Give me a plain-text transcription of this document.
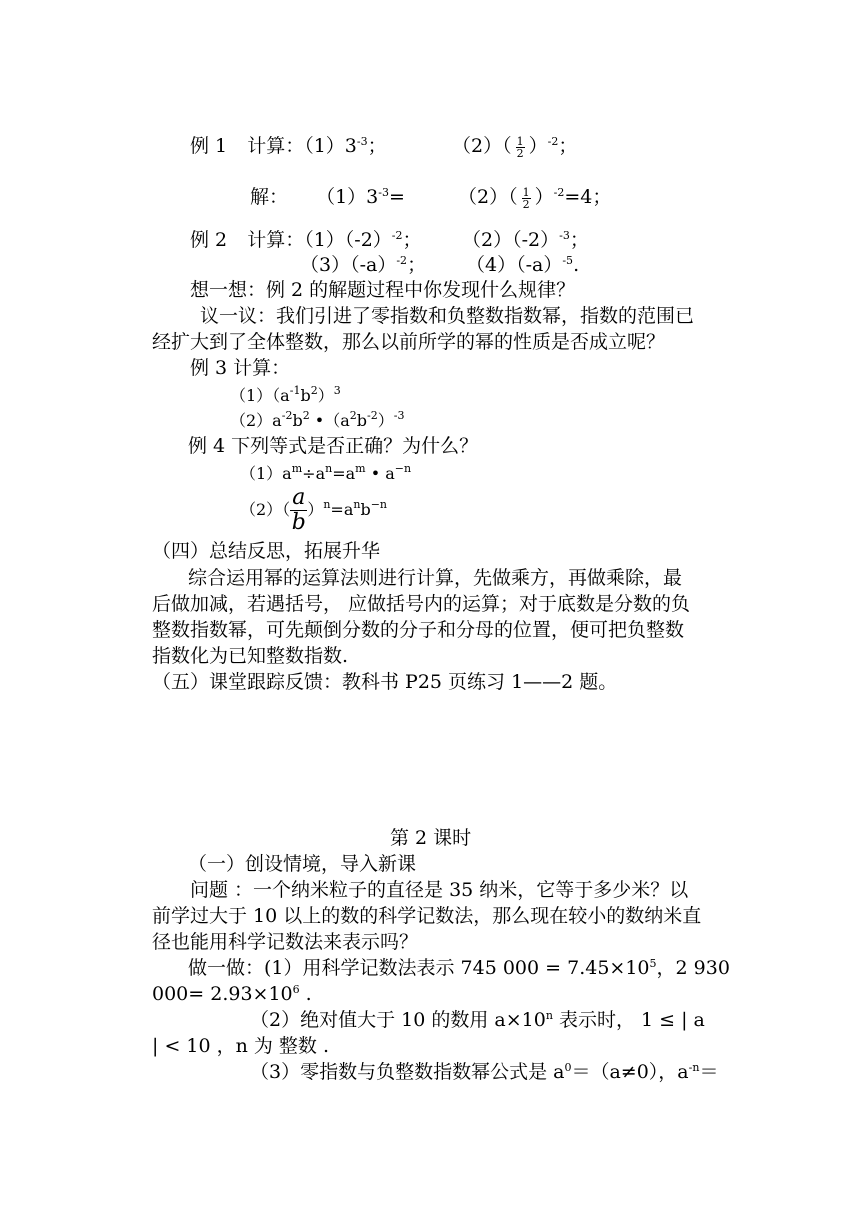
例 1 计算：$(1)3^{-3}$；	$(2)( \frac{1}{2} )^{-2}$；
解： $(1)3^{-3}=$	$(2)( \frac{1}{2} )^{-2}=4$；
例 2 计算：$(1)(-2)^{-2}$； $(2)(-2)^{-3}$；
$(3)(-a)^{-2}$； $(4)(-a)^{-5}$.
想一想：例 2 的解题过程中你发现什么规律？
议一议：我们引进了零指数和负整数指数幂，指数的范围已
经扩大到了全体整数，那么以前所学的幂的性质是否成立呢？
例 3 计算：
$(1)(a^{-1}b^2)^3$
$(2)a^{-2}b^2$ $•(a^2b^{-2})^{-3}$
例 4 下列等式是否正确？为什么？
$(1)a^m\div a^n=a^m$ • $a^{-n}$
$(2)( \frac{a}{b} )^n=a^nb^{-n}$
（四）总结反思，拓展升华
综合运用幂的运算法则进行计算，先做乘方，再做乘除，最
后做加减，若遇括号， 应做括号内的运算；对于底数是分数的负
整数指数幂，可先颠倒分数的分子和分母的位置，便可把负整数
指数化为已知整数指数.
（五）课堂跟踪反馈：教科书 P25 页练习 1——2 题。
第 2 课时
（一）创设情境，导入新课
问题 ：一个纳米粒子的直径是 35 纳米，它等于多少米？以
前学过大于 10 以上的数的科学记数法，那么现在较小的数纳米直
径也能用科学记数法来表示吗？
做一做：(1）用科学记数法表示 745 $000 = 7.45\times 10^5$，2 930
$000= 2.93\times 10^6$ .
（2）绝对值大于 10 的数用 $a\times 10^n$ 表示时， 1 ≤ | a
| < 10 ，n 为 整数 .
（3）零指数与负整数指数幂公式是 $a^0=(a\ne 0)$，$a^{-n}=$
